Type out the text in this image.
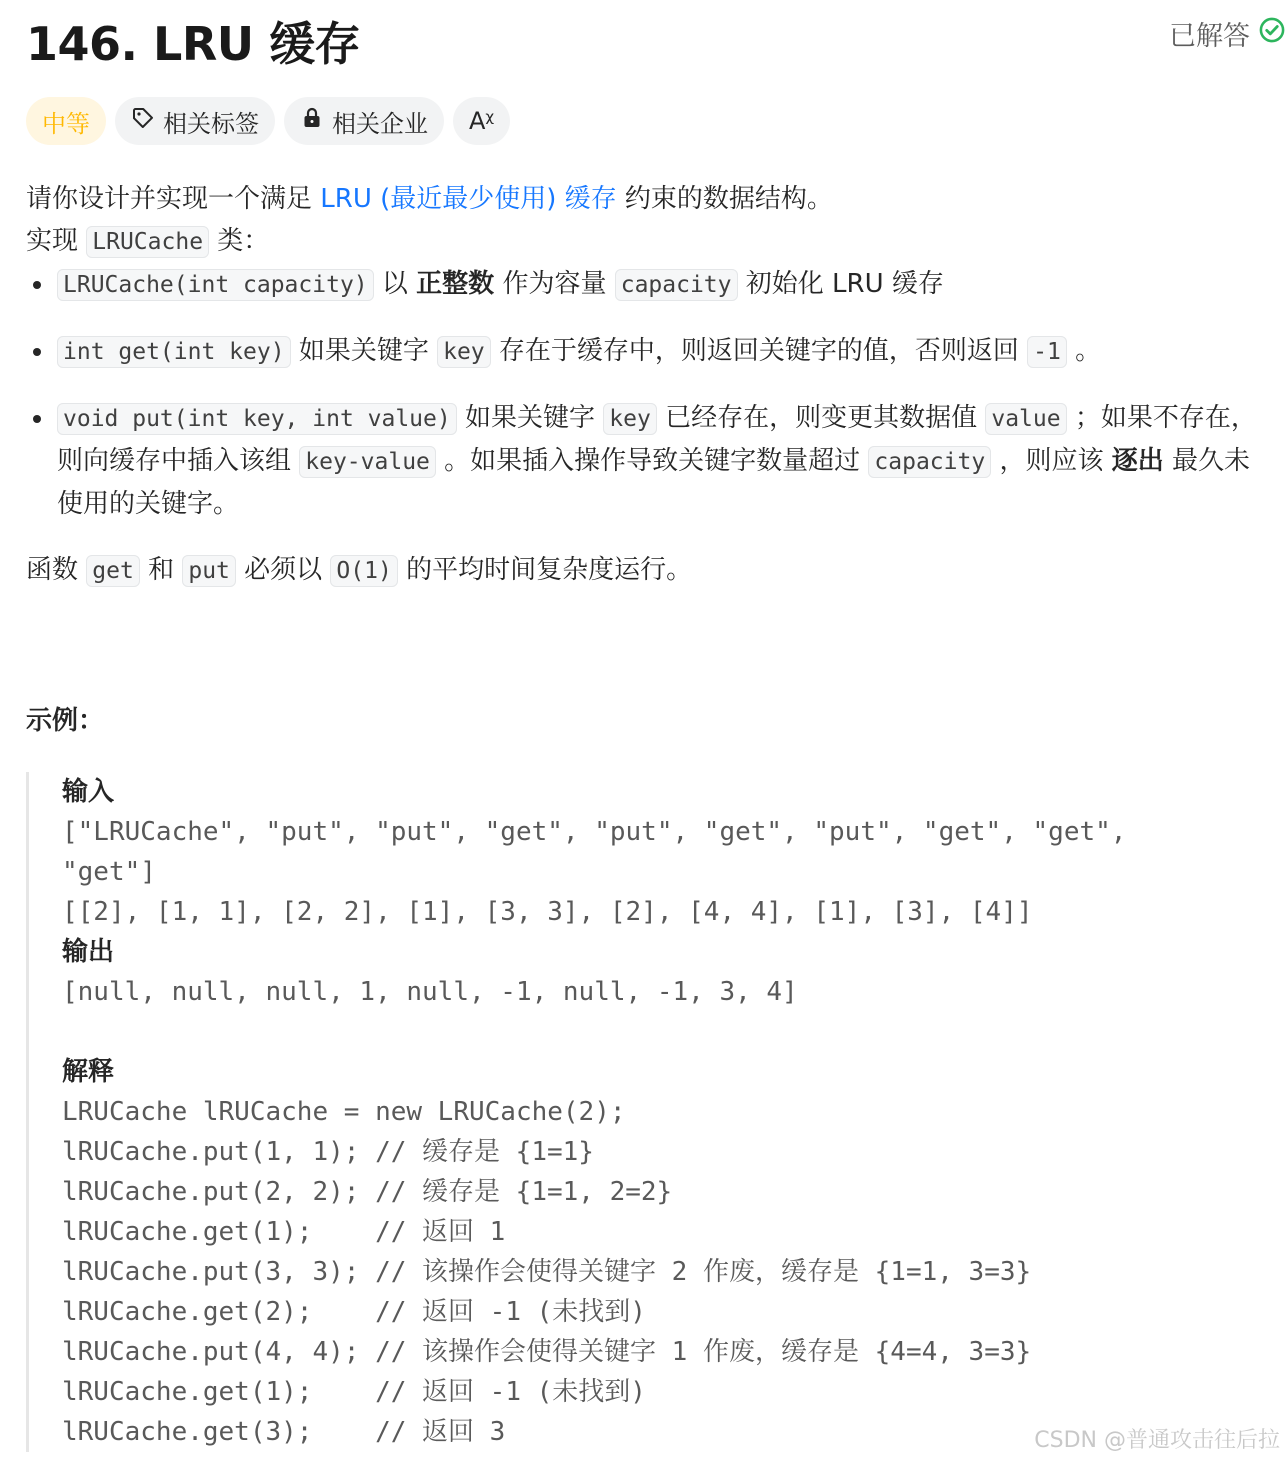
146. LRU 缓存	已解答
中等	相关标签	相关企业 Aᵡ

请你设计并实现一个满足 LRU (最近最少使用) 缓存 约束的数据结构。

实现 LRUCache 类：

LRUCache(int capacity) 以 正整数 作为容量 capacity 初始化 LRU 缓存
int get(int key) 如果关键字 key 存在于缓存中，则返回关键字的值，否则返回 -1 。
void put(int key, int value) 如果关键字 key 已经存在，则变更其数据值 value ；如果不存在，则向缓存中插入该组 key-value 。如果插入操作导致关键字数量超过 capacity ，则应该 逐出 最久未使用的关键字。

函数 get 和 put 必须以 O(1) 的平均时间复杂度运行。

示例：
输入
["LRUCache", "put", "put", "get", "put", "get", "put", "get", "get",
"get"]
[[2], [1, 1], [2, 2], [1], [3, 3], [2], [4, 4], [1], [3], [4]]
输出
[null, null, null, 1, null, -1, null, -1, 3, 4]
解释
LRUCache lRUCache = new LRUCache(2);
lRUCache.put(1, 1); // 缓存是 {1=1}
lRUCache.put(2, 2); // 缓存是 {1=1, 2=2}
lRUCache.get(1);    // 返回 1
lRUCache.put(3, 3); // 该操作会使得关键字 2 作废，缓存是 {1=1, 3=3}
lRUCache.get(2);    // 返回 -1 (未找到)
lRUCache.put(4, 4); // 该操作会使得关键字 1 作废，缓存是 {4=4, 3=3}
lRUCache.get(1);    // 返回 -1 (未找到)
lRUCache.get(3);    // 返回 3	CSDN @普通攻击往后拉
